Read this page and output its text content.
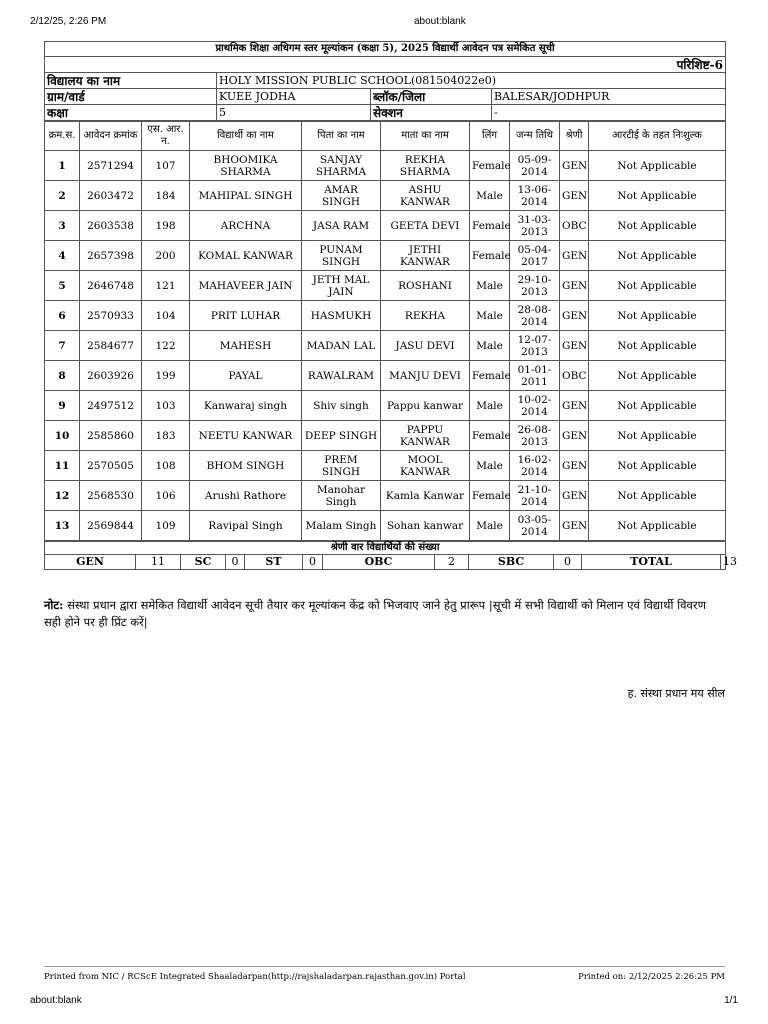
2/12/25, 2:26 PM	about:blank
प्राथमिक शिक्षा अधिगम स्तर मूल्यांकन (कक्षा 5), 2025 विद्यार्थी आवेदन पत्र समेकित सूची			
परिशिष्ट-6			
विद्यालय का नाम	HOLY MISSION PUBLIC SCHOOL(081504022e0)		
ग्राम/वार्ड	KUEE JODHA	ब्लॉक/जिला	BALESAR/JODHPUR
कक्षा	5	सेक्शन	-
क्रम.स.	आवेदन क्रमांक	एस. आर. न.	विद्यार्थी का नाम	पिता का नाम	माता का नाम	लिंग	जन्म तिथि	श्रेणी	आरटीई के तहत निःशुल्क
1	2571294	107	BHOOMIKA SHARMA	SANJAY SHARMA	REKHA SHARMA	Female	05-09-2014	GEN	Not Applicable
2	2603472	184	MAHIPAL SINGH	AMAR SINGH	ASHU KANWAR	Male	13-06-2014	GEN	Not Applicable
3	2603538	198	ARCHNA	JASA RAM	GEETA DEVI	Female	31-03-2013	OBC	Not Applicable
4	2657398	200	KOMAL KANWAR	PUNAM SINGH	JETHI KANWAR	Female	05-04-2017	GEN	Not Applicable
5	2646748	121	MAHAVEER JAIN	JETH MAL JAIN	ROSHANI	Male	29-10-2013	GEN	Not Applicable
6	2570933	104	PRIT LUHAR	HASMUKH	REKHA	Male	28-08-2014	GEN	Not Applicable
7	2584677	122	MAHESH	MADAN LAL	JASU DEVI	Male	12-07-2013	GEN	Not Applicable
8	2603926	199	PAYAL	RAWALRAM	MANJU DEVI	Female	01-01-2011	OBC	Not Applicable
9	2497512	103	Kanwaraj singh	Shiv singh	Pappu kanwar	Male	10-02-2014	GEN	Not Applicable
10	2585860	183	NEETU KANWAR	DEEP SINGH	PAPPU KANWAR	Female	26-08-2013	GEN	Not Applicable
11	2570505	108	BHOM SINGH	PREM SINGH	MOOL KANWAR	Male	16-02-2014	GEN	Not Applicable
12	2568530	106	Arushi Rathore	Manohar Singh	Kamla Kanwar	Female	21-10-2014	GEN	Not Applicable
13	2569844	109	Ravipal Singh	Malam Singh	Sohan kanwar	Male	03-05-2014	GEN	Not Applicable
श्रेणी वार विद्यार्थियों की संख्या
GEN	11	SC	0	ST	0	OBC	2	SBC	0	TOTAL	13
नोट: संस्था प्रधान द्वारा समेकित विद्यार्थी आवेदन सूची तैयार कर मूल्यांकन केंद्र को भिजवाए जाने हेतु प्रारूप |सूची में सभी विद्यार्थी को मिलान एवं विद्यार्थी विवरण सही होने पर ही प्रिंट करें|
ह. संस्था प्रधान मय सील
Printed from NIC / RCScE Integrated Shaaladarpan(http://rajshaladarpan.rajasthan.gov.in) Portal	Printed on: 2/12/2025 2:26:25 PM
about:blank	1/1
